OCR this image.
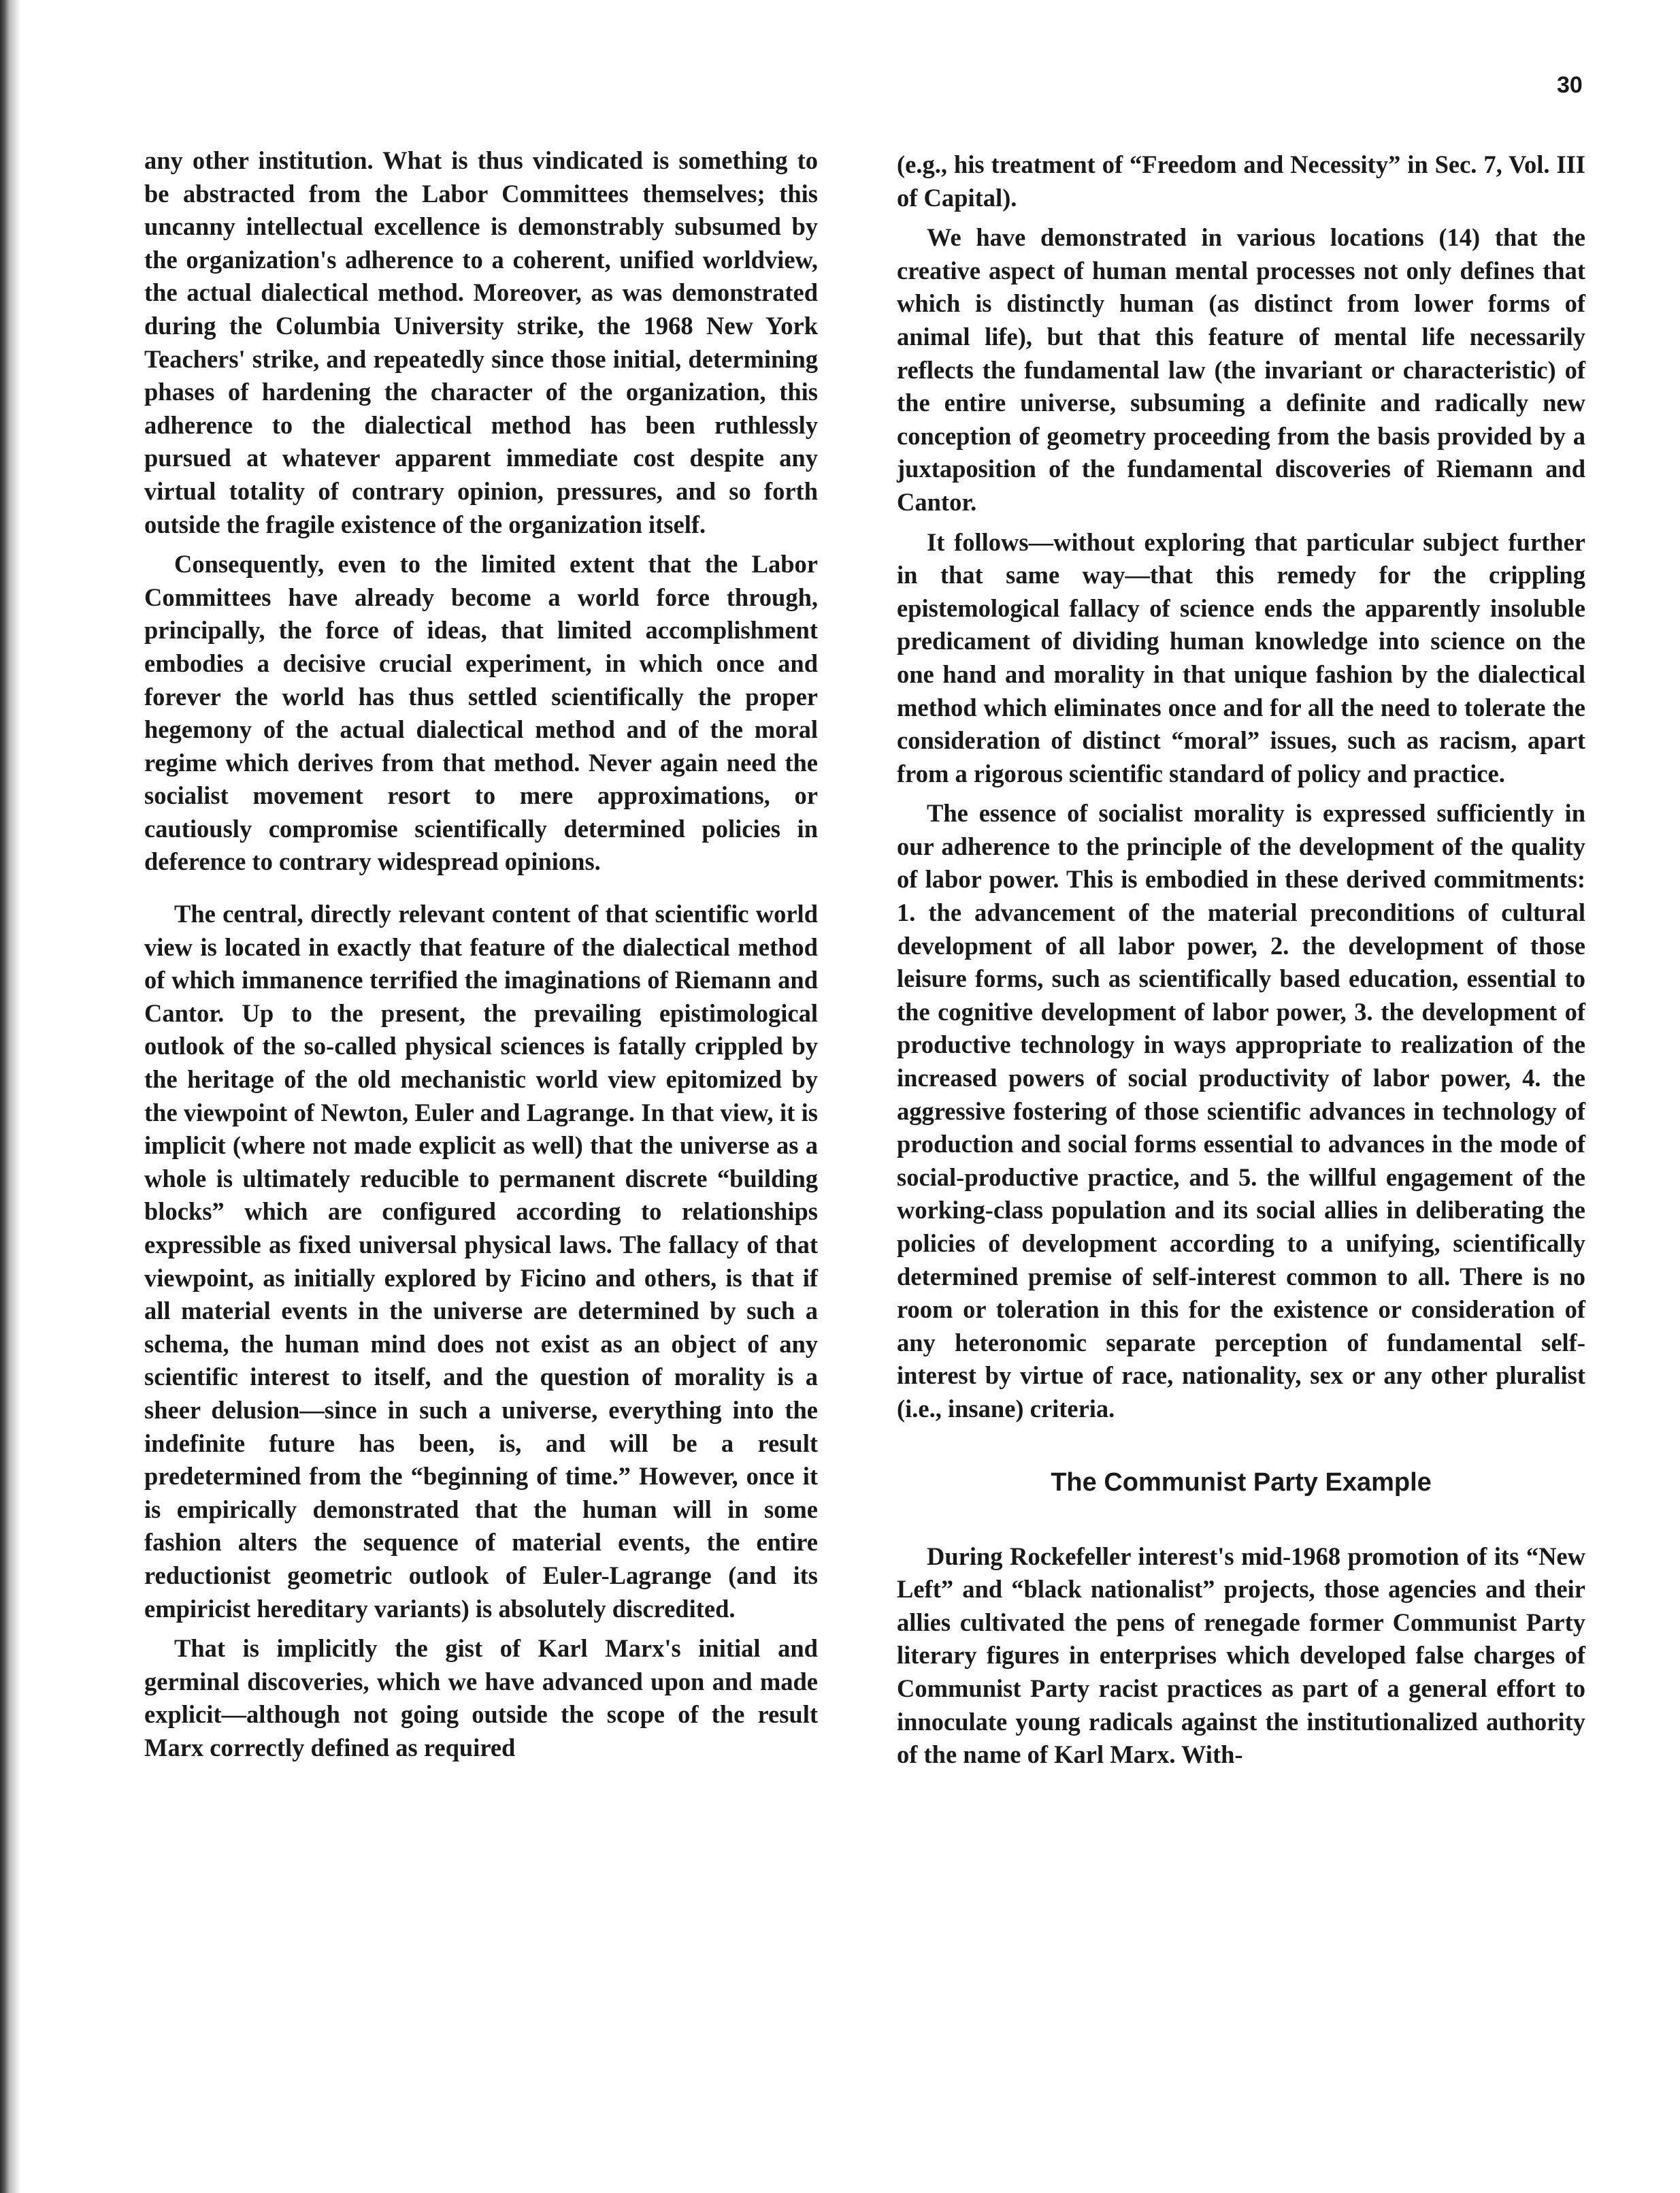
30

any other institution. What is thus vindicated is something to be abstracted from the Labor Committees themselves; this uncanny intellectual excellence is demonstrably subsumed by the organization's adherence to a coherent, unified worldview, the actual dialectical method. Moreover, as was demonstrated during the Columbia University strike, the 1968 New York Teachers' strike, and repeatedly since those initial, determining phases of hardening the character of the organization, this adherence to the dialectical method has been ruthlessly pursued at whatever apparent immediate cost despite any virtual totality of contrary opinion, pressures, and so forth outside the fragile existence of the organization itself.

Consequently, even to the limited extent that the Labor Committees have already become a world force through, principally, the force of ideas, that limited accomplishment embodies a decisive crucial experiment, in which once and forever the world has thus settled scientifically the proper hegemony of the actual dialectical method and of the moral regime which derives from that method. Never again need the socialist movement resort to mere approximations, or cautiously compromise scientifically determined policies in deference to contrary widespread opinions.

The central, directly relevant content of that scientific world view is located in exactly that feature of the dialectical method of which immanence terrified the imaginations of Riemann and Cantor. Up to the present, the prevailing epistimological outlook of the so-called physical sciences is fatally crippled by the heritage of the old mechanistic world view epitomized by the viewpoint of Newton, Euler and Lagrange. In that view, it is implicit (where not made explicit as well) that the universe as a whole is ultimately reducible to permanent discrete “building blocks” which are configured according to relationships expressible as fixed universal physical laws. The fallacy of that viewpoint, as initially explored by Ficino and others, is that if all material events in the universe are determined by such a schema, the human mind does not exist as an object of any scientific interest to itself, and the question of morality is a sheer delusion—since in such a universe, everything into the indefinite future has been, is, and will be a result predetermined from the “beginning of time.” However, once it is empirically demonstrated that the human will in some fashion alters the sequence of material events, the entire reductionist geometric outlook of Euler-Lagrange (and its empiricist hereditary variants) is absolutely discredited.

That is implicitly the gist of Karl Marx's initial and germinal discoveries, which we have advanced upon and made explicit—although not going outside the scope of the result Marx correctly defined as required

(e.g., his treatment of “Freedom and Necessity” in Sec. 7, Vol. III of Capital).

We have demonstrated in various locations (14) that the creative aspect of human mental processes not only defines that which is distinctly human (as distinct from lower forms of animal life), but that this feature of mental life necessarily reflects the fundamental law (the invariant or characteristic) of the entire universe, subsuming a definite and radically new conception of geometry proceeding from the basis provided by a juxtaposition of the fundamental discoveries of Riemann and Cantor.

It follows—without exploring that particular subject further in that same way—that this remedy for the crippling epistemological fallacy of science ends the apparently insoluble predicament of dividing human knowledge into science on the one hand and morality in that unique fashion by the dialectical method which eliminates once and for all the need to tolerate the consideration of distinct “moral” issues, such as racism, apart from a rigorous scientific standard of policy and practice.

The essence of socialist morality is expressed sufficiently in our adherence to the principle of the development of the quality of labor power. This is embodied in these derived commitments: 1. the advancement of the material preconditions of cultural development of all labor power, 2. the development of those leisure forms, such as scientifically based education, essential to the cognitive development of labor power, 3. the development of productive technology in ways appropriate to realization of the increased powers of social productivity of labor power, 4. the aggressive fostering of those scientific advances in technology of production and social forms essential to advances in the mode of social-productive practice, and 5. the willful engagement of the working-class population and its social allies in deliberating the policies of development according to a unifying, scientifically determined premise of self-interest common to all. There is no room or toleration in this for the existence or consideration of any heteronomic separate perception of fundamental self-interest by virtue of race, nationality, sex or any other pluralist (i.e., insane) criteria.

The Communist Party Example

During Rockefeller interest's mid-1968 promotion of its “New Left” and “black nationalist” projects, those agencies and their allies cultivated the pens of renegade former Communist Party literary figures in enterprises which developed false charges of Communist Party racist practices as part of a general effort to innoculate young radicals against the institutionalized authority of the name of Karl Marx. With-
